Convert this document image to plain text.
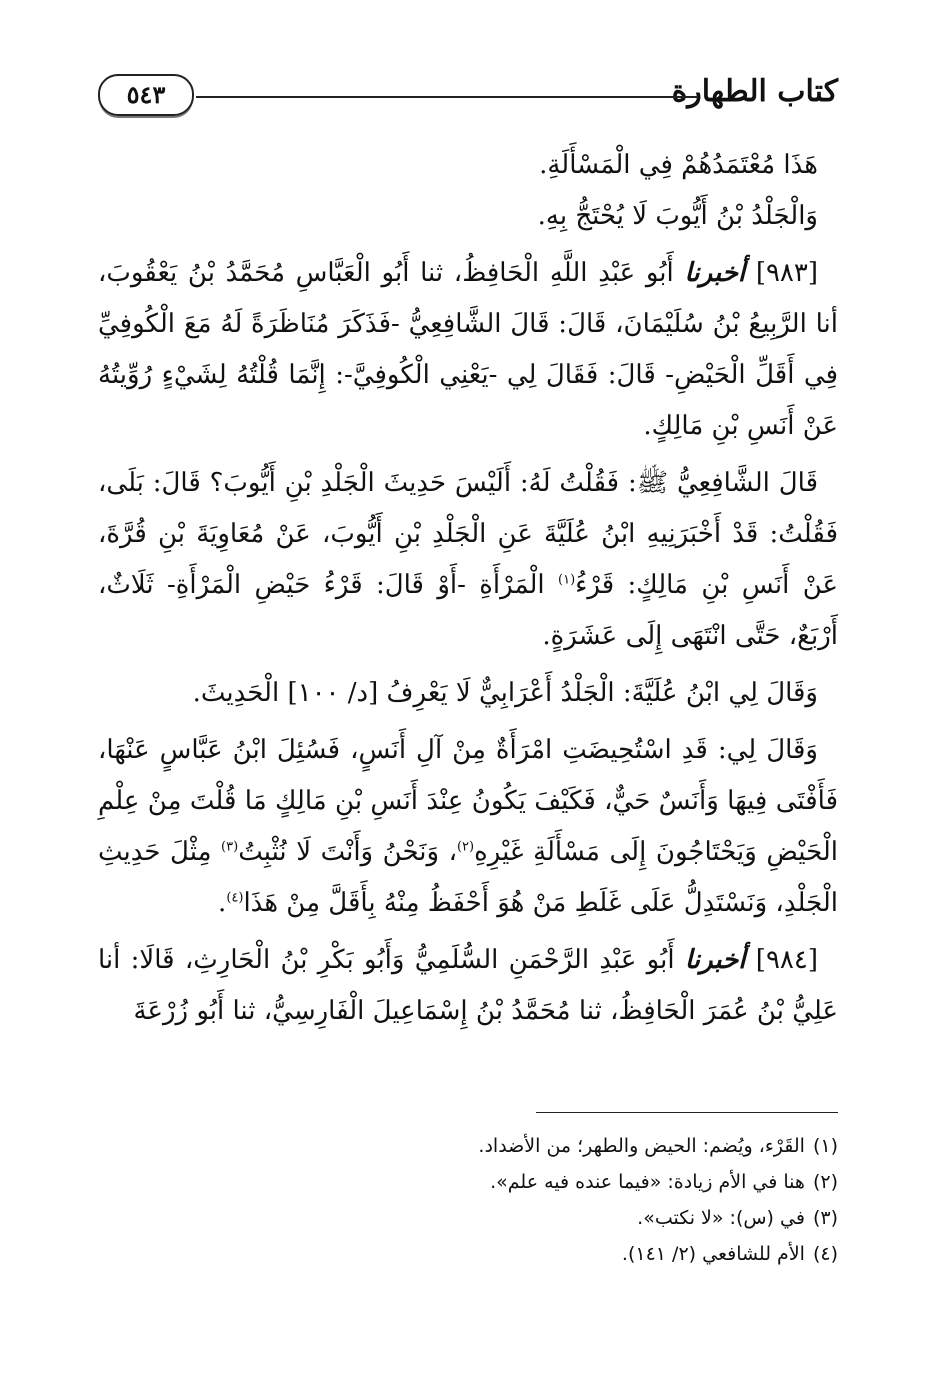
كتاب الطهارة
٥٤٣

هَذَا مُعْتَمَدُهُمْ فِي الْمَسْأَلَةِ.

وَالْجَلْدُ بْنُ أَيُّوبَ لَا يُحْتَجُّ بِهِ.

[٩٨٣] أخبرنا أَبُو عَبْدِ اللَّهِ الْحَافِظُ، ثنا أَبُو الْعَبَّاسِ مُحَمَّدُ بْنُ يَعْقُوبَ، أنا الرَّبِيعُ بْنُ سُلَيْمَانَ، قَالَ: قَالَ الشَّافِعِيُّ -فَذَكَرَ مُنَاظَرَةً لَهُ مَعَ الْكُوفِيِّ فِي أَقَلِّ الْحَيْضِ- قَالَ: فَقَالَ لِي -يَعْنِي الْكُوفِيَّ-: إِنَّمَا قُلْتُهُ لِشَيْءٍ رُوِّيتُهُ عَنْ أَنَسِ بْنِ مَالِكٍ.

قَالَ الشَّافِعِيُّ ﷺ: فَقُلْتُ لَهُ: أَلَيْسَ حَدِيثَ الْجَلْدِ بْنِ أَيُّوبَ؟ قَالَ: بَلَى، فَقُلْتُ: قَدْ أَخْبَرَنِيهِ ابْنُ عُلَيَّةَ عَنِ الْجَلْدِ بْنِ أَيُّوبَ، عَنْ مُعَاوِيَةَ بْنِ قُرَّةَ، عَنْ أَنَسِ بْنِ مَالِكٍ: قَرْءُ$^{(١)}$ الْمَرْأَةِ -أَوْ قَالَ: قَرْءُ حَيْضِ الْمَرْأَةِ- ثَلَاثٌ، أَرْبَعٌ، حَتَّى انْتَهَى إِلَى عَشَرَةٍ.

وَقَالَ لِي ابْنُ عُلَيَّةَ: الْجَلْدُ أَعْرَابِيٌّ لَا يَعْرِفُ [د/ ١٠٠] الْحَدِيثَ.

وَقَالَ لِي: قَدِ اسْتُحِيضَتِ امْرَأَةٌ مِنْ آلِ أَنَسٍ، فَسُئِلَ ابْنُ عَبَّاسٍ عَنْهَا، فَأَفْتَى فِيهَا وَأَنَسٌ حَيٌّ، فَكَيْفَ يَكُونُ عِنْدَ أَنَسِ بْنِ مَالِكٍ مَا قُلْتَ مِنْ عِلْمِ الْحَيْضِ وَيَحْتَاجُونَ إِلَى مَسْأَلَةِ غَيْرِهِ$^{(٢)}$، وَنَحْنُ وَأَنْتَ لَا نُثْبِتُ$^{(٣)}$ مِثْلَ حَدِيثِ الْجَلْدِ، وَنَسْتَدِلُّ عَلَى غَلَطِ مَنْ هُوَ أَحْفَظُ مِنْهُ بِأَقَلَّ مِنْ هَذَا$^{(٤)}$.

[٩٨٤] أخبرنا أَبُو عَبْدِ الرَّحْمَنِ السُّلَمِيُّ وَأَبُو بَكْرِ بْنُ الْحَارِثِ، قَالَا: أنا عَلِيُّ بْنُ عُمَرَ الْحَافِظُ، ثنا مُحَمَّدُ بْنُ إِسْمَاعِيلَ الْفَارِسِيُّ، ثنا أَبُو زُرْعَةَ

(١)القَرْء، ويُضم: الحيض والطهر؛ من الأضداد.

(٢)هنا في الأم زيادة: «فيما عنده فيه علم».

(٣)في (س): «لا نكتب».

(٤)الأم للشافعي (٢/ ١٤١).
